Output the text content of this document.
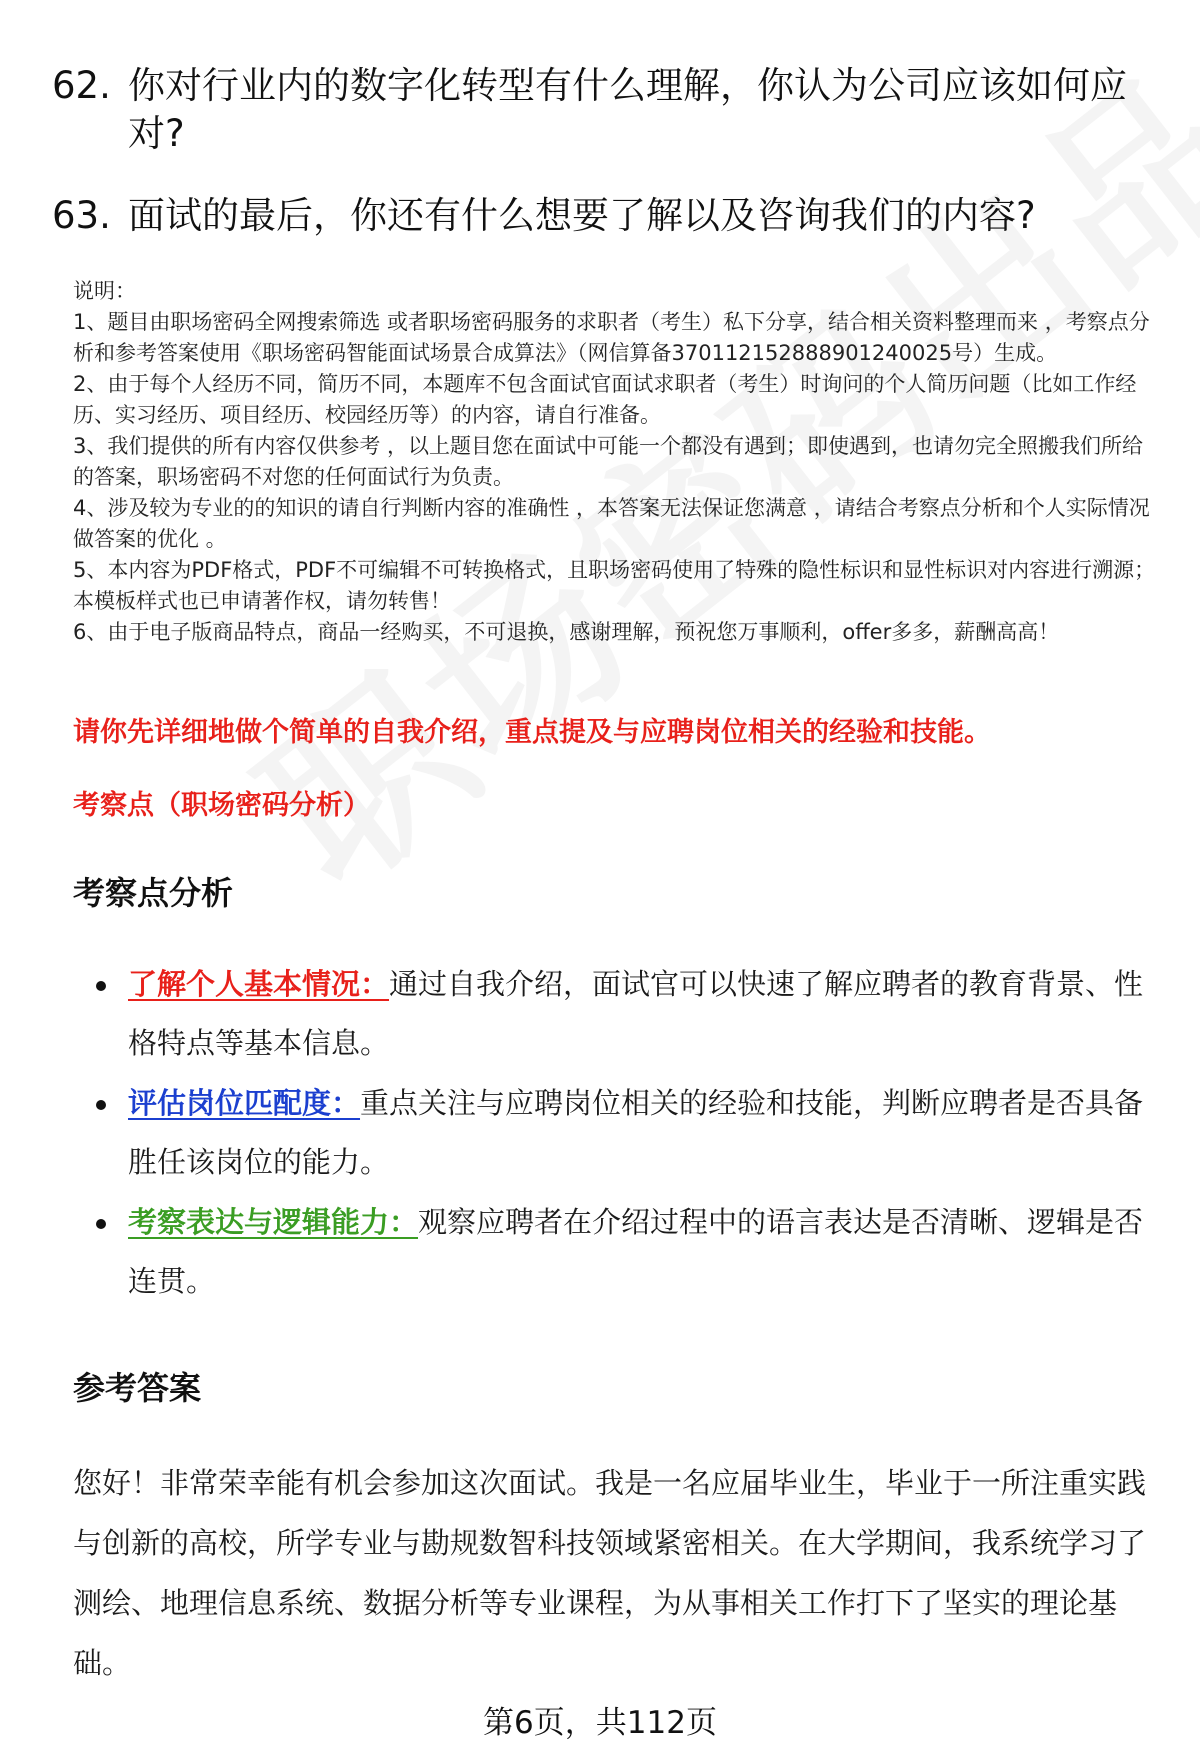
62. 你对行业内的数字化转型有什么理解，你认为公司应该如何应对?
63. 面试的最后，你还有什么想要了解以及咨询我们的内容?

说明：

1、题目由职场密码全网搜索筛选 或者职场密码服务的求职者（考生）私下分享，结合相关资料整理而来 ，考察点分析和参考答案使用《职场密码智能面试场景合成算法》（网信算备370112152888901240025号）生成。

2、由于每个人经历不同，简历不同，本题库不包含面试官面试求职者（考生）时询问的个人简历问题（比如工作经历、实习经历、项目经历、校园经历等）的内容，请自行准备。

3、我们提供的所有内容仅供参考 ，以上题目您在面试中可能一个都没有遇到；即使遇到，也请勿完全照搬我们所给的答案，职场密码不对您的任何面试行为负责。

4、涉及较为专业的的知识的请自行判断内容的准确性 ，本答案无法保证您满意 ，请结合考察点分析和个人实际情况做答案的优化 。

5、本内容为PDF格式，PDF不可编辑不可转换格式，且职场密码使用了特殊的隐性标识和显性标识对内容进行溯源；本模板样式也已申请著作权，请勿转售！

6、由于电子版商品特点，商品一经购买，不可退换，感谢理解，预祝您万事顺利，offer多多，薪酬高高！

请你先详细地做个简单的自我介绍，重点提及与应聘岗位相关的经验和技能。
考察点（职场密码分析）
考察点分析
了解个人基本情况：通过自我介绍，面试官可以快速了解应聘者的教育背景、性格特点等基本信息。
评估岗位匹配度：重点关注与应聘岗位相关的经验和技能，判断应聘者是否具备胜任该岗位的能力。
考察表达与逻辑能力：观察应聘者在介绍过程中的语言表达是否清晰、逻辑是否连贯。
参考答案
您好！非常荣幸能有机会参加这次面试。我是一名应届毕业生，毕业于一所注重实践与创新的高校，所学专业与勘规数智科技领域紧密相关。在大学期间，我系统学习了测绘、地理信息系统、数据分析等专业课程，为从事相关工作打下了坚实的理论基础。
第6页，共112页
